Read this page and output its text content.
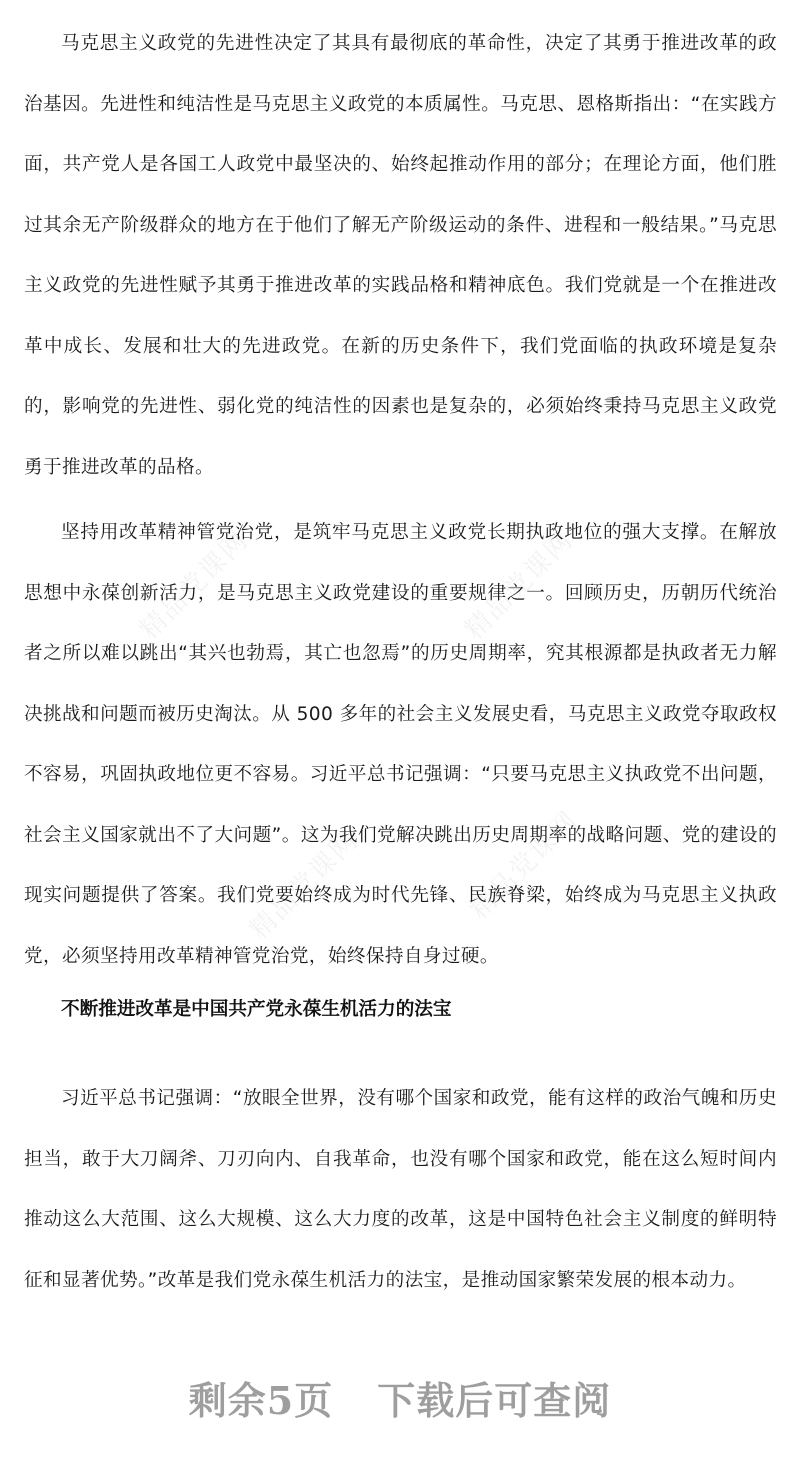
马克思主义政党的先进性决定了其具有最彻底的革命性，决定了其勇于推进改革的政治基因。先进性和纯洁性是马克思主义政党的本质属性。马克思、恩格斯指出：“在实践方面，共产党人是各国工人政党中最坚决的、始终起推动作用的部分；在理论方面，他们胜过其余无产阶级群众的地方在于他们了解无产阶级运动的条件、进程和一般结果。”马克思主义政党的先进性赋予其勇于推进改革的实践品格和精神底色。我们党就是一个在推进改革中成长、发展和壮大的先进政党。在新的历史条件下，我们党面临的执政环境是复杂的，影响党的先进性、弱化党的纯洁性的因素也是复杂的，必须始终秉持马克思主义政党勇于推进改革的品格。

坚持用改革精神管党治党，是筑牢马克思主义政党长期执政地位的强大支撑。在解放思想中永葆创新活力，是马克思主义政党建设的重要规律之一。回顾历史，历朝历代统治者之所以难以跳出“其兴也勃焉，其亡也忽焉”的历史周期率，究其根源都是执政者无力解决挑战和问题而被历史淘汰。从 500 多年的社会主义发展史看，马克思主义政党夺取政权不容易，巩固执政地位更不容易。习近平总书记强调：“只要马克思主义执政党不出问题，社会主义国家就出不了大问题”。这为我们党解决跳出历史周期率的战略问题、党的建设的现实问题提供了答案。我们党要始终成为时代先锋、民族脊梁，始终成为马克思主义执政党，必须坚持用改革精神管党治党，始终保持自身过硬。

不断推进改革是中国共产党永葆生机活力的法宝

习近平总书记强调：“放眼全世界，没有哪个国家和政党，能有这样的政治气魄和历史担当，敢于大刀阔斧、刀刃向内、自我革命，也没有哪个国家和政党，能在这么短时间内推动这么大范围、这么大规模、这么大力度的改革，这是中国特色社会主义制度的鲜明特征和显著优势。”改革是我们党永葆生机活力的法宝，是推动国家繁荣发展的根本动力。

精品党课网	精品党课网
精品党课网	精品党课网
剩余5页 下载后可查阅
